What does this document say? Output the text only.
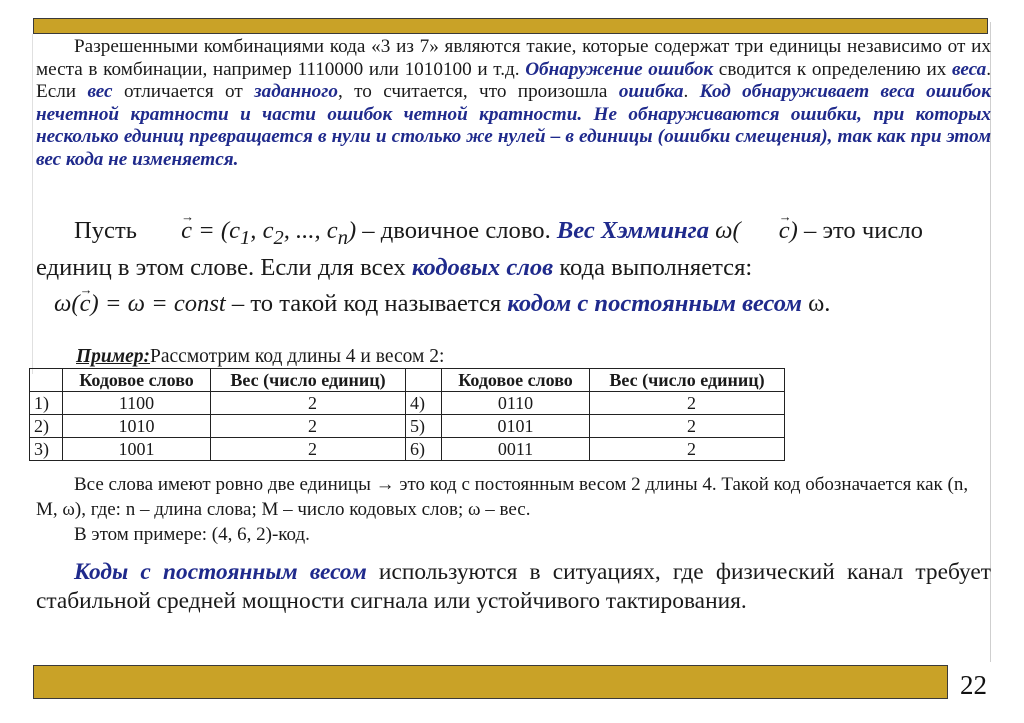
Разрешенными комбинациями кода «3 из 7» являются такие, которые содержат три единицы независимо от их места в комбинации, например 1110000 или 1010100 и т.д. Обнаружение ошибок сводится к определению их веса. Если вес отличается от заданного, то считается, что произошла ошибка. Код обнаруживает веса ошибок нечетной кратности и части ошибок четной кратности. Не обнаруживаются ошибки, при которых несколько единиц превращается в нули и столько же нулей – в единицы (ошибки смещения), так как при этом вес кода не изменяется.

Пусть → $c = (c_1$, $c_2$, ..., $c_n$) – двоичное слово. Вес Хэмминга ω( → c) – это число единиц в этом слове. Если для всех кодовых слов кода выполняется:

ω(→ c) = ω = const – то такой код называется кодом с постоянным весом ω.

Пример:Рассмотрим код длины 4 и весом 2:
	Кодовое слово	Вес (число единиц)		Кодовое слово	Вес (число единиц)
1)	1100	2	4)	0110	2
2)	1010	2	5)	0101	2
3)	1001	2	6)	0011	2

Все слова имеют ровно две единицы → это код с постоянным весом 2 длины 4. Такой код обозначается как (n, M, ω), где: n – длина слова; M – число кодовых слов; ω – вес.

В этом примере: (4, 6, 2)-код.

Коды с постоянным весом используются в ситуациях, где физический канал требует стабильной средней мощности сигнала или устойчивого тактирования.

22
